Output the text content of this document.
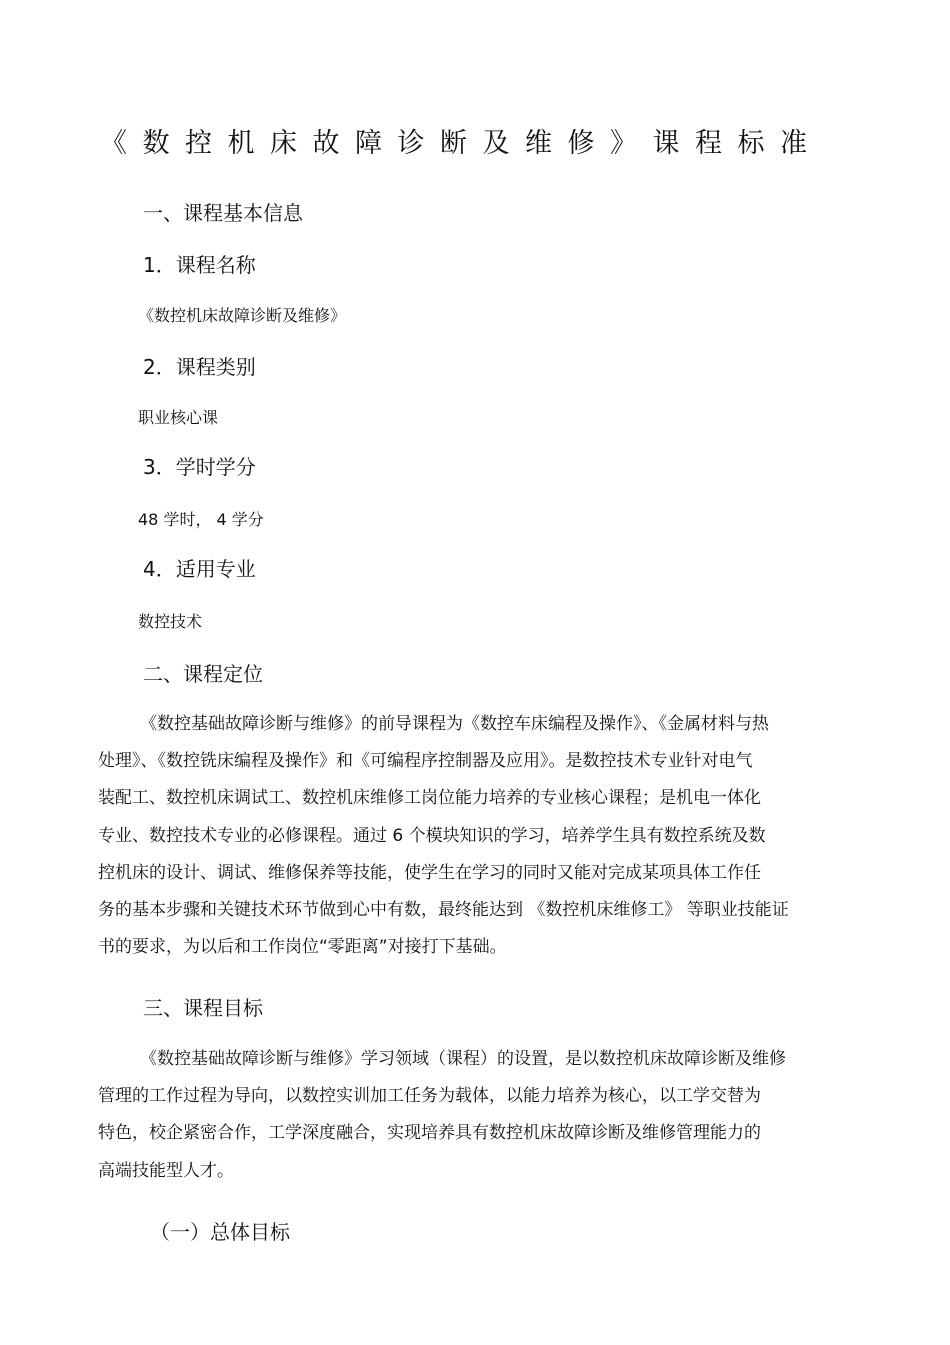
《数控机床故障诊断及维修》课程标准
一、课程基本信息
1．课程名称
《数控机床故障诊断及维修》
2．课程类别
职业核心课
3．学时学分
48 学时， 4 学分
4．适用专业
数控技术
二、课程定位
《数控基础故障诊断与维修》的前导课程为《数控车床编程及操作》、《金属材料与热
处理》、《数控铣床编程及操作》和《可编程序控制器及应用》。是数控技术专业针对电气
装配工、数控机床调试工、数控机床维修工岗位能力培养的专业核心课程；是机电一体化
专业、数控技术专业的必修课程。通过 6 个模块知识的学习，培养学生具有数控系统及数
控机床的设计、调试、维修保养等技能，使学生在学习的同时又能对完成某项具体工作任
务的基本步骤和关键技术环节做到心中有数，最终能达到 《数控机床维修工》 等职业技能证
书的要求，为以后和工作岗位“零距离”对接打下基础。
三、课程目标
《数控基础故障诊断与维修》学习领域（课程）的设置，是以数控机床故障诊断及维修
管理的工作过程为导向，以数控实训加工任务为载体，以能力培养为核心，以工学交替为
特色，校企紧密合作，工学深度融合，实现培养具有数控机床故障诊断及维修管理能力的
高端技能型人才。
（一）总体目标
